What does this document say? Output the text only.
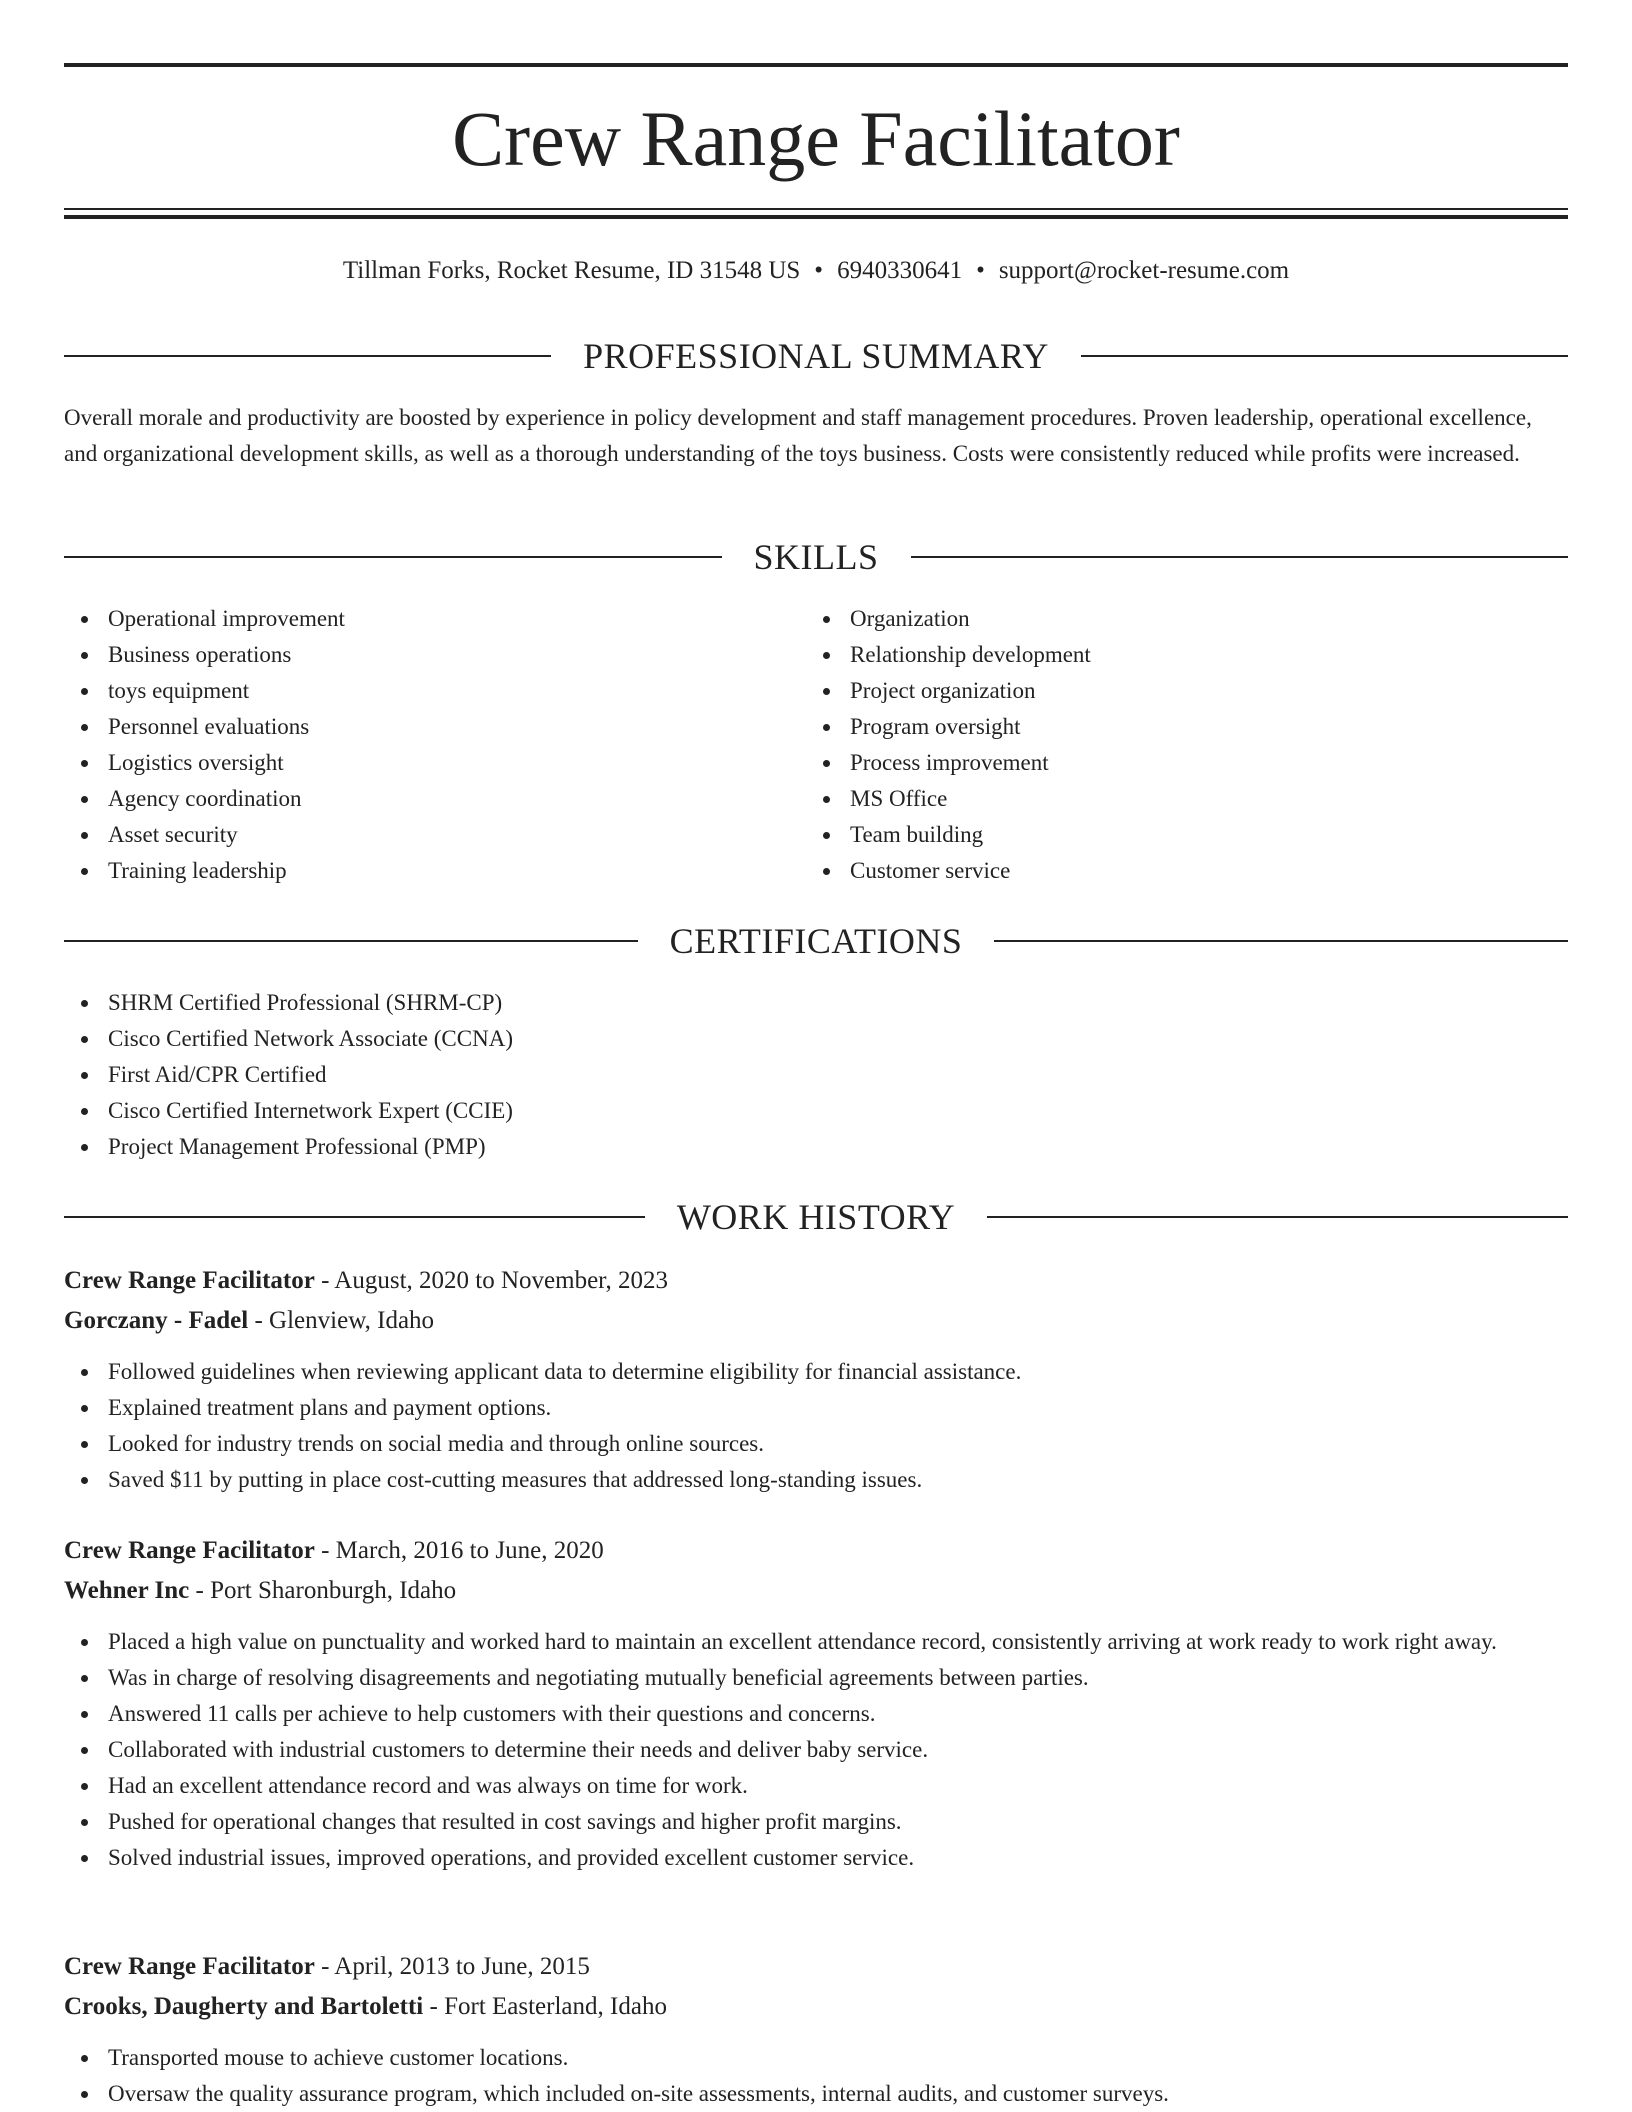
Crew Range Facilitator
Tillman Forks, Rocket Resume, ID 31548 US • 6940330641 • support@rocket-resume.com
PROFESSIONAL SUMMARY

Overall morale and productivity are boosted by experience in policy development and staff management procedures. Proven leadership, operational excellence, and organizational development skills, as well as a thorough understanding of the toys business. Costs were consistently reduced while profits were increased.

SKILLS
Operational improvement
Business operations
toys equipment
Personnel evaluations
Logistics oversight
Agency coordination
Asset security
Training leadership
Organization
Relationship development
Project organization
Program oversight
Process improvement
MS Office
Team building
Customer service
CERTIFICATIONS
SHRM Certified Professional (SHRM-CP)
Cisco Certified Network Associate (CCNA)
First Aid/CPR Certified
Cisco Certified Internetwork Expert (CCIE)
Project Management Professional (PMP)
WORK HISTORY

Crew Range Facilitator - August, 2020 to November, 2023

Gorczany - Fadel - Glenview, Idaho

Followed guidelines when reviewing applicant data to determine eligibility for financial assistance.
Explained treatment plans and payment options.
Looked for industry trends on social media and through online sources.
Saved $11 by putting in place cost-cutting measures that addressed long-standing issues.

Crew Range Facilitator - March, 2016 to June, 2020

Wehner Inc - Port Sharonburgh, Idaho

Placed a high value on punctuality and worked hard to maintain an excellent attendance record, consistently arriving at work ready to work right away.
Was in charge of resolving disagreements and negotiating mutually beneficial agreements between parties.
Answered 11 calls per achieve to help customers with their questions and concerns.
Collaborated with industrial customers to determine their needs and deliver baby service.
Had an excellent attendance record and was always on time for work.
Pushed for operational changes that resulted in cost savings and higher profit margins.
Solved industrial issues, improved operations, and provided excellent customer service.

Crew Range Facilitator - April, 2013 to June, 2015

Crooks, Daugherty and Bartoletti - Fort Easterland, Idaho

Transported mouse to achieve customer locations.
Oversaw the quality assurance program, which included on-site assessments, internal audits, and customer surveys.
